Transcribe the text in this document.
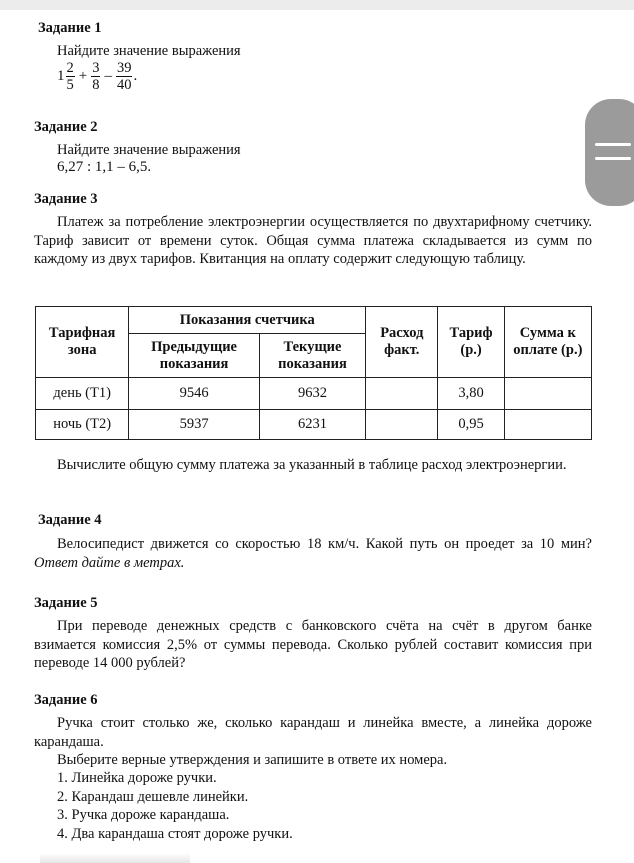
Задание 1
Найдите значение выражения
$1 \frac{2}{5} + \frac{3}{8} - \frac{39}{40}$ .
Задание 2
Найдите значение выражения
6,27 : 1,1 – 6,5.
Задание 3
Платеж за потребление электроэнергии осуществляется по двухтарифному счетчику. Тариф зависит от времени суток. Общая сумма платежа складывается из сумм по каждому из двух тарифов. Квитанция на оплату содержит следующую таблицу.
Тарифная зона	Показания счетчика		Расход факт.	Тариф (р.)	Сумма к оплате (р.)
	Предыдущие показания	Текущие показания			
день (Т1)	9546	9632		3,80	
ночь (Т2)	5937	6231		0,95	
Вычислите общую сумму платежа за указанный в таблице расход электроэнергии.
Задание 4
Велосипедист движется со скоростью 18 км/ч. Какой путь он проедет за 10 мин? Ответ дайте в метрах.
Задание 5
При переводе денежных средств с банковского счёта на счёт в другом банке взимается комиссия 2,5% от суммы перевода. Сколько рублей составит комиссия при переводе 14 000 рублей?
Задание 6
Ручка стоит столько же, сколько карандаш и линейка вместе, а линейка дороже карандаша.
Выберите верные утверждения и запишите в ответе их номера.
1. Линейка дороже ручки.
2. Карандаш дешевле линейки.
3. Ручка дороже карандаша.
4. Два карандаша стоят дороже ручки.
